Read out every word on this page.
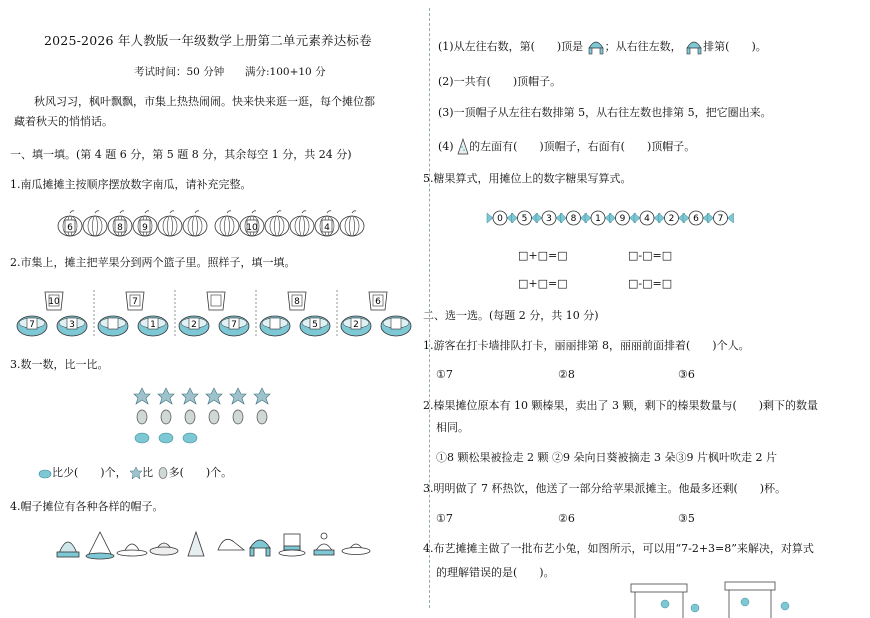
2025-2026 年人教版一年级数学上册第二单元素养达标卷
考试时间：50 分钟 满分:100+10 分
秋风习习，枫叶飘飘，市集上热热闹闹。快来快来逛一逛，每个摊位都
藏着秋天的悄悄话。
一、填一填。(第 4 题 6 分，第 5 题 8 分，其余每空 1 分，共 24 分)
1.南瓜摊摊主按顺序摆放数字南瓜，请补充完整。
6	8 9	10	4
2.市集上，摊主把苹果分到两个篮子里。照样子，填一填。
10
7	3
7
1	2	7
8
5
6
2
3.数一数，比一比。
比少(　　 )个， 比 多(　　 )个。
4.帽子摊位有各种各样的帽子。
(1)从左往右数，第(　　 )顶是 ；从右往左数， 排第(　　 )。
(2)一共有(　　)顶帽子。
(3)一顶帽子从左往右数排第 5，从右往左数也排第 5，把它圈出来。
(4) 的左面有(　　 )顶帽子，右面有(　　 )顶帽子。
5.糖果算式，用摊位上的数字糖果写算式。
0 5 3 8 1 9 4 2 6 7
□+□=□	□-□=□
□+□=□	□-□=□
二、选一选。(每题 2 分，共 10 分)
1.游客在打卡墙排队打卡，丽丽排第 8，丽丽前面排着(　　)个人。
①7	②8	③6
2.榛果摊位原本有 10 颗榛果，卖出了 3 颗，剩下的榛果数量与(　　)剩下的数量
相同。
①8 颗松果被捡走 2 颗 ②9 朵向日葵被摘走 3 朵③9 片枫叶吹走 2 片
3.明明做了 7 杯热饮，他送了一部分给苹果派摊主。他最多还剩(　　)杯。
①7	②6	③5
4.布艺摊摊主做了一批布艺小兔，如图所示，可以用“7-2+3=8”来解决，对算式
的理解错误的是(　　)。
